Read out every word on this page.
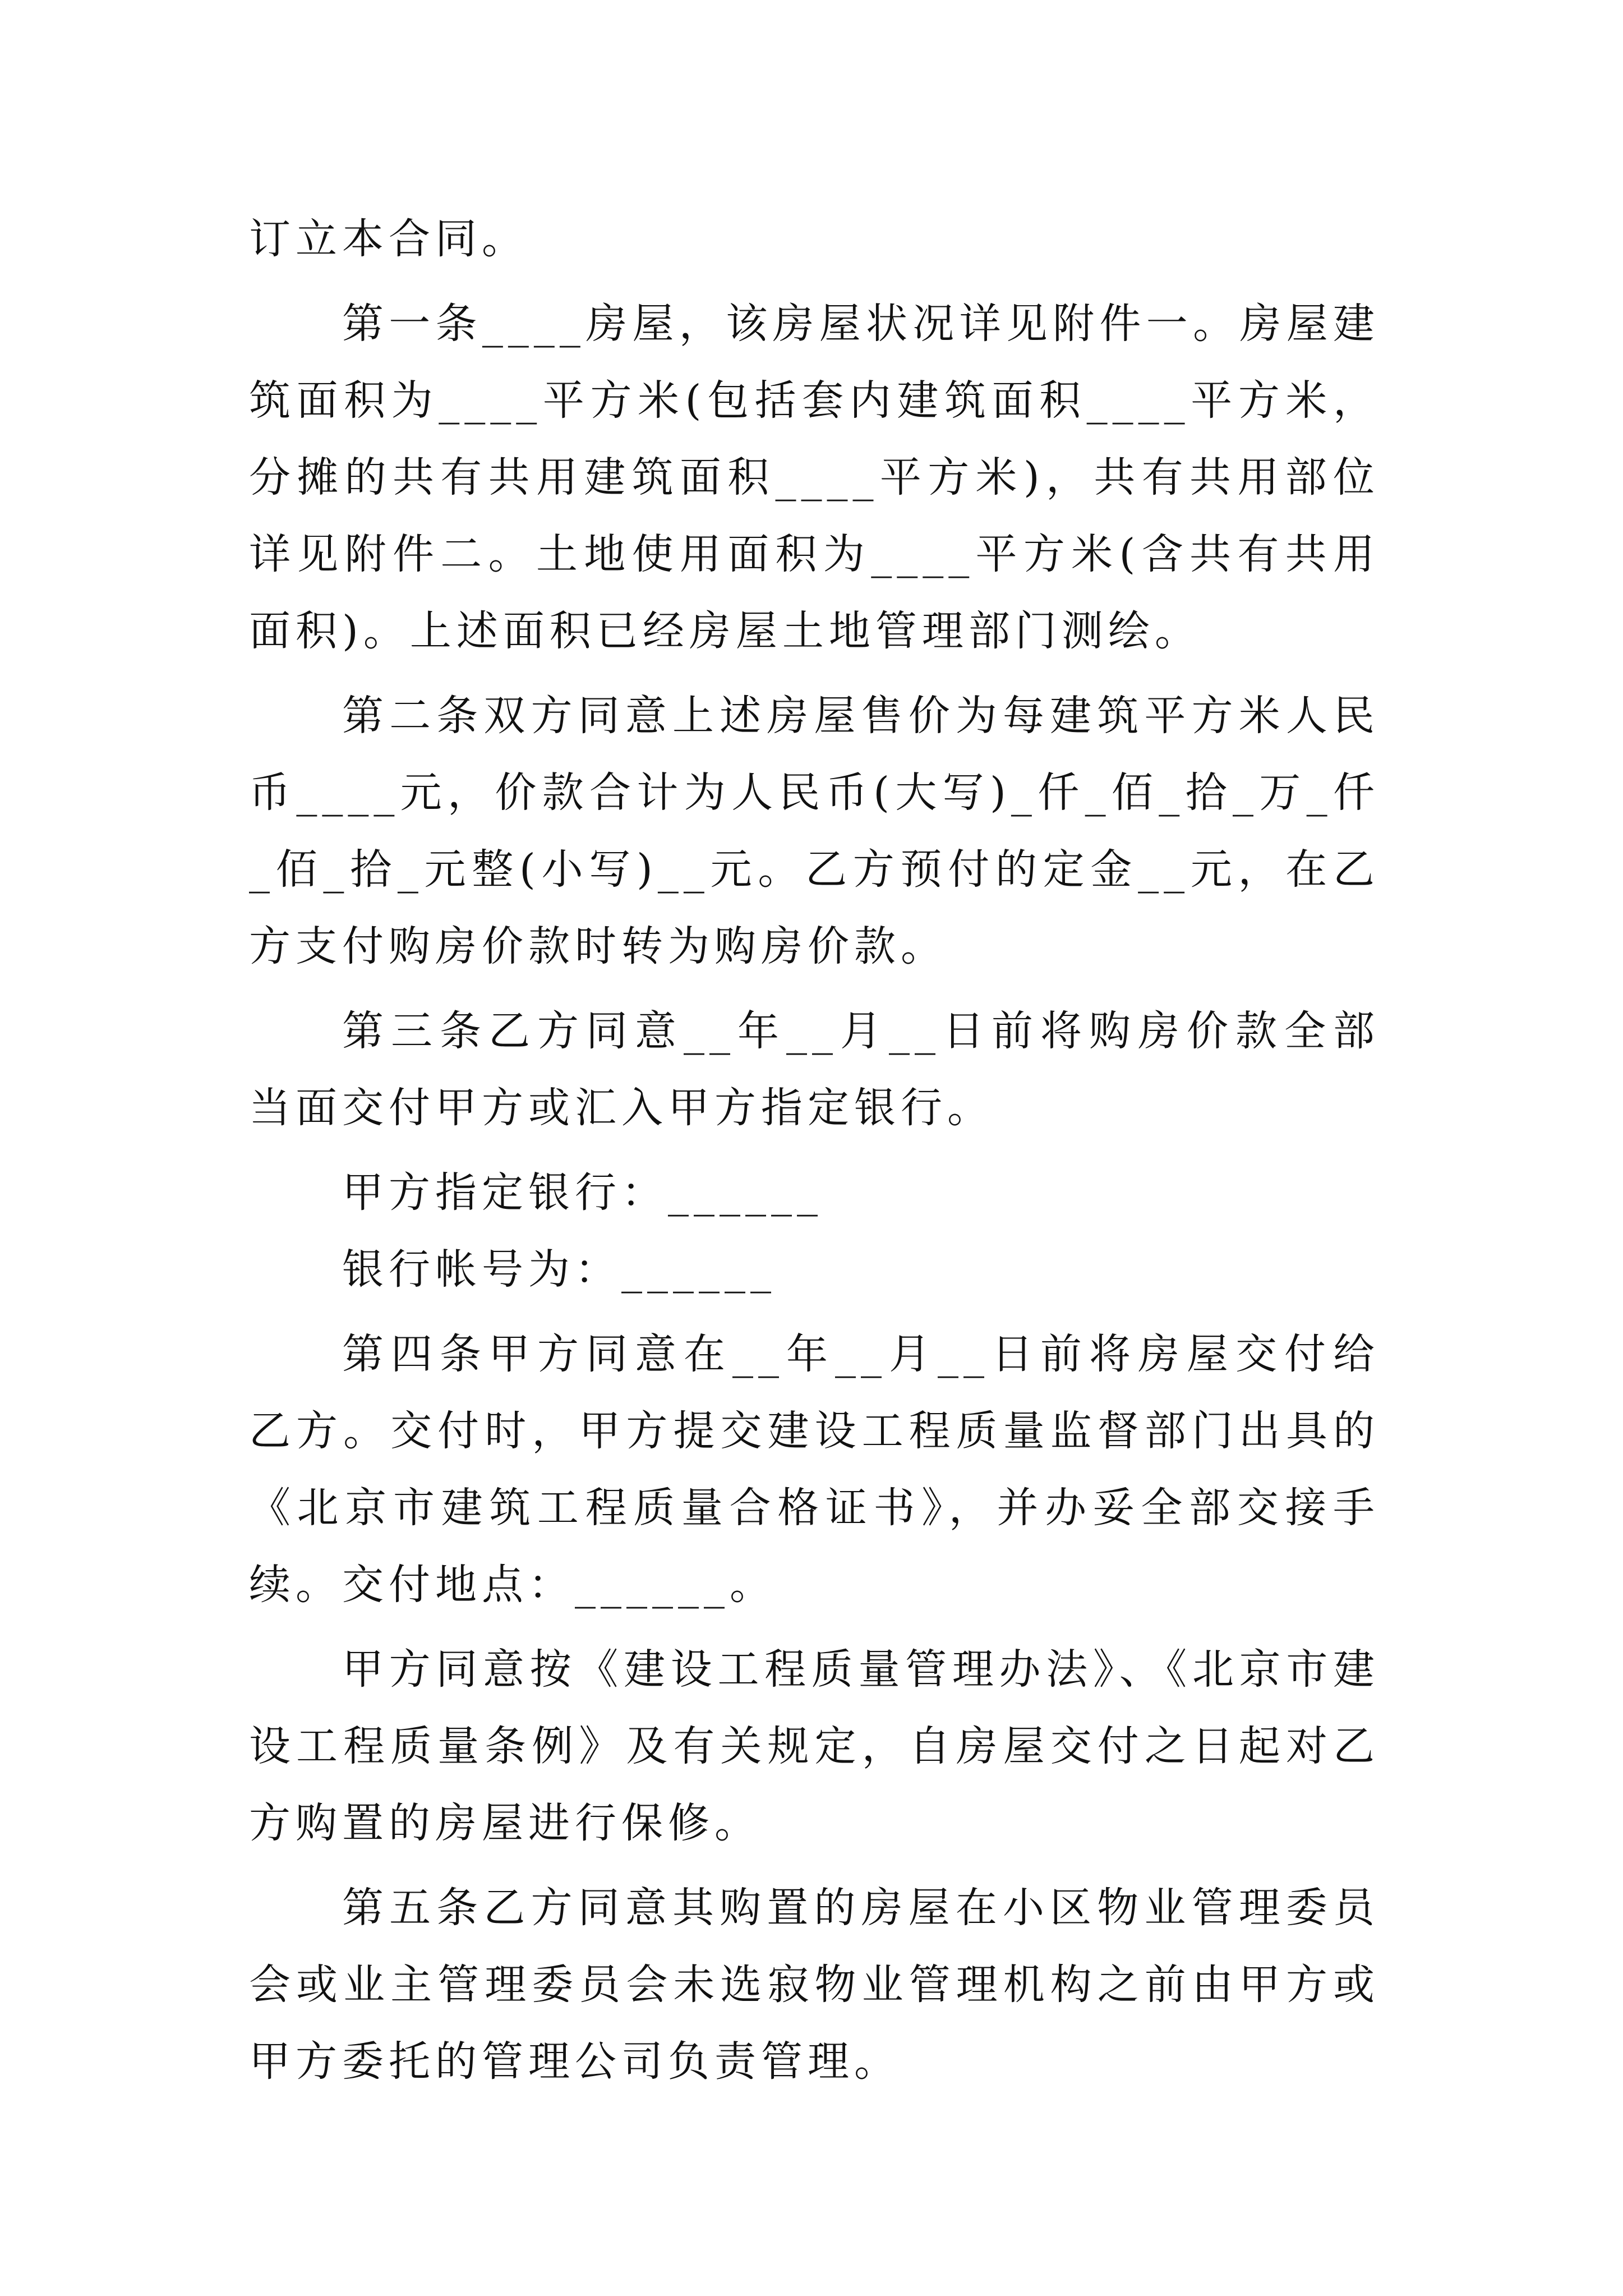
订立本合同。

第一条____房屋，该房屋状况详见附件一。房屋建筑面积为____平方米(包括套内建筑面积____平方米，分摊的共有共用建筑面积____平方米)，共有共用部位详见附件二。土地使用面积为____平方米(含共有共用面积)。上述面积已经房屋土地管理部门测绘。

第二条双方同意上述房屋售价为每建筑平方米人民币____元，价款合计为人民币(大写)_仟_佰_拾_万_仟_佰_拾_元整(小写)__元。乙方预付的定金__元，在乙方支付购房价款时转为购房价款。

第三条乙方同意__年__月__日前将购房价款全部当面交付甲方或汇入甲方指定银行。

甲方指定银行：______

银行帐号为：______

第四条甲方同意在__年__月__日前将房屋交付给乙方。交付时，甲方提交建设工程质量监督部门出具的《北京市建筑工程质量合格证书》，并办妥全部交接手续。交付地点：______。

甲方同意按《建设工程质量管理办法》、《北京市建设工程质量条例》及有关规定，自房屋交付之日起对乙方购置的房屋进行保修。

第五条乙方同意其购置的房屋在小区物业管理委员会或业主管理委员会未选寂物业管理机构之前由甲方或甲方委托的管理公司负责管理。
